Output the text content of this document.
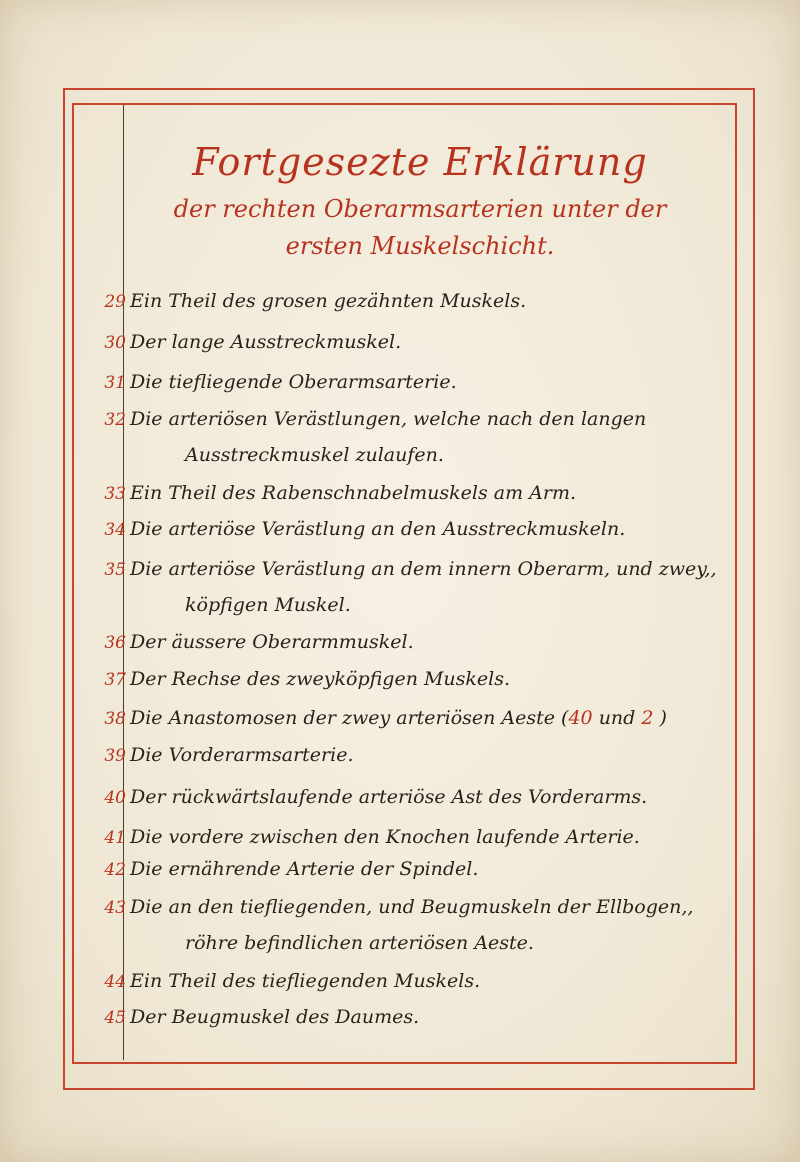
Fortgesezte Erklärung
der rechten Oberarmsarterien unter der
ersten Muskelschicht.
29 Ein Theil des grosen gezähnten Muskels.
30 Der lange Ausstreckmuskel.
31 Die tiefliegende Oberarmsarterie.
32 Die arteriösen Verästlungen, welche nach den langen
Ausstreckmuskel zulaufen.
33 Ein Theil des Rabenschnabelmuskels am Arm.
34 Die arteriöse Verästlung an den Ausstreckmuskeln.
35 Die arteriöse Verästlung an dem innern Oberarm, und zwey,,
köpfigen Muskel.
36 Der äussere Oberarmmuskel.
37 Der Rechse des zweyköpfigen Muskels.
38 Die Anastomosen der zwey arteriösen Aeste (40 und 2 )
39 Die Vorderarmsarterie.
40 Der rückwärtslaufende arteriöse Ast des Vorderarms.
41 Die vordere zwischen den Knochen laufende Arterie.
42 Die ernährende Arterie der Spindel.
43 Die an den tiefliegenden, und Beugmuskeln der Ellbogen,,
röhre befindlichen arteriösen Aeste.
44 Ein Theil des tiefliegenden Muskels.
45 Der Beugmuskel des Daumes.
